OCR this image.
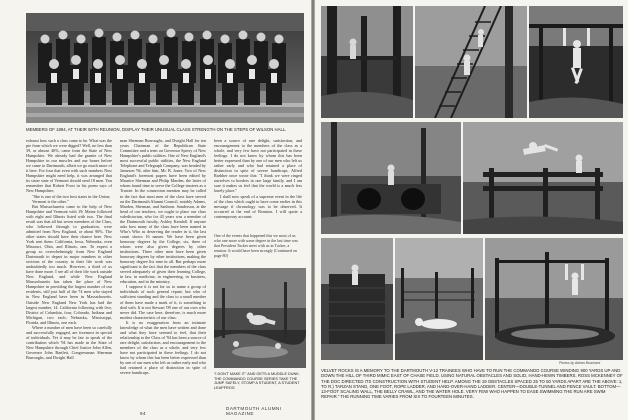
MEMBERS OF 1894, AT THEIR 50TH REUNION, DISPLAY THEIR UNUSUAL CLASS STRENGTH ON THE STEPS OF WILSON HALL.

exhaust how such a class came to be. What was the pie from which we were digged? Well, no less than 39, or almost 40%, came from the State of New Hampshire. We already had the granite of New Hampshire in our muscles and our bones before we came to Dartmouth, albeit we go much more of it here. For four that even with such numbers New Hampshire might need help, it was arranged that its sister state of Vermont should send 18 men. You remember that Robert Frost in his poem says of New Hampshire,

"She is one of the two best states in the Union;

Vermont is the other."

But Massachusetts came to the help of New Hampshire and Vermont with 19; Maine followed with eight and Illinois listed with two. The final result was that all but seven members of the Class, who followed through to graduation, were admitted from New England, or about 90%. The other states should have their chance here. New York sent them: California, lowa, Nebraska, even Missouri, Ohio, and Illinois, one. To expect a group so overwhelmingly from New England Dartmouth to depart in major numbers to other sections of the country in their life work was undoubtedly too much. However, a third of us have done more. I see all of their life work outside New England, and while New England Massachusetts has taken the place of New Hampshire in providing the largest number of our residents, still just half of the 74 men who stayed in New England have been in Massachusetts. Outside New England New York has had the largest number, 14. California following with five, District of Columbia, four, Colorado, Indiana and Michigan, two each; Nebraska, Mississippi, Florida, and Illinois, one each.

Where a number of men have been so carefully and successfully engaged, are foremost in special of individuals. Yet it may be fair to speak of the contribution which '94 has made in the State of New Hampshire through Chief Justice John Allen, Governor John Bartlett, Congressman Sherman Burroughs, and Dwight Hall

man Sherman Burroughs, and Dwight Hall for ten years Chairman of the Republican State Committee and a term on Governor Sperry of New Hampshire's public utilities. One of New England's most successful public utilities, the New England Telephone and Telegraph Company, was headed by Jameson '94, after him, Mr. B. Jones. Two of New England's foremost papers have been edited by Maurice Sherman and Philip Marden, the latter of whom found time to serve the College trustees as a Trustee. In the connection mention may be called to the fact that most men of the class have served on the Dartmouth Alumni Council, notably Adams, Marden, Sherman, and Sanborn. Sanderson, at the head of our teachers, we ought to place our class valedictorian, who for 43 years was a member of the Dartmouth faculty, Ashley Kendall. If anyone asks how many of the class have been named in Who's Who as deserving the reader in it, the last count shows 16 names. We have been given honorary degrees by the College, six, three of whom were also given degrees by other institutions. Three other men have been given honorary degrees by other institutions, making the honorary degree list nine in all. But perhaps more significant is the fact that the members of the class served adequately of given their learning College, in law, in medicine, in engineering, in business, education, and in the ministry.

I suppose it is not for us to name a group of individuals of such general repute, but who of sufficient standing and the class to a small number of them have made a mark of it, is something to deal with. It is not Stewart '09 one of our own who never did. The case here, therefore, is much more modest characteristic of our class.

It is no exaggeration from an intimate knowledge of what the men have written and done and what they have seemed to feel, that their relationship to the Class of '94 has been a source of rare delight, satisfaction, and encouragement to the members of the class as a whole, and very few have not participated in these feelings. I do not know by whom this has been better expressed than by one of our men who left us rather early and who had retained a place of distinction in spite of severe handicaps.

been a source of rare delight, satisfaction, and encouragement to the members of the class as a whole, and very few have not participated in these feelings. I do not know by whom this has been better expressed than by one of our men who left us rather early and who had retained a place of distinction in spite of severe handicaps. Alfred Rarbher once wrote this: "I think we were ringed ourselves to borders in one large family, and I am sure it makes us feel that the world is a much less lonely place."

I shall now speak of a supreme event in the life of the class which ought to have come earlier in this message if chronology was to be observed. It occurred at the end of Reunion. I will quote a contemporary account:

One of the events that happened this we most of us who one more with some degree in the last time was that President Tucker meet with us in Tucker, a reunion. It would have been strongly [Continued on page 80]

"I DON'T MAKE IT" AND GETS A MUDDLE DUNK. THE COMMANDO COURSE SERIES TAKE THE JUMP SAFELY, STOMP A STUDENT, A STUDENT LEAPFROG

94
DARTMOUTH ALUMNI MAGAZINE
Photos by Adrian Bouchard

VELVET ROCKS IS A MEMORY TO THE DARTMOUTH V-12 TRAINEES WHO HAVE TO RUN THE COMMANDO COURSE WINDING 900 YARDS UP AND DOWN THE HILL OF THIRD MIMIC EAST OF CHASE FIELD. USING NATURAL OBSTACLES AND SOLID, HAND-HEWN TIMBERS, ROSS MCKENNEY OF THE DOC DIRECTED ITS CONSTRUCTION WITH STUDENT HELP. AMONG THE 19 OBSTACLES SPACED 25 TO 50 YARDS APART ARE THE ABOVE: 1, TO R.) TARZAN STAND, ONE FOOT, ROPE LADDER, AND HAND-OVER-HAND LADDER. CENTER—DOUBLE-TUNNEL AND FENCE VAULT. BOTTOM—13-FOOT SCALING WALL, THE BELLY CRAWL, AND THE WATER HOLE. VERY FEW WHO HAPPEN TO EASE SWIMMING THE RUN ARE SWIM REPAIR." THE RUNNING TIME VARIES FROM SIX TO FOURTEEN MINUTES.
